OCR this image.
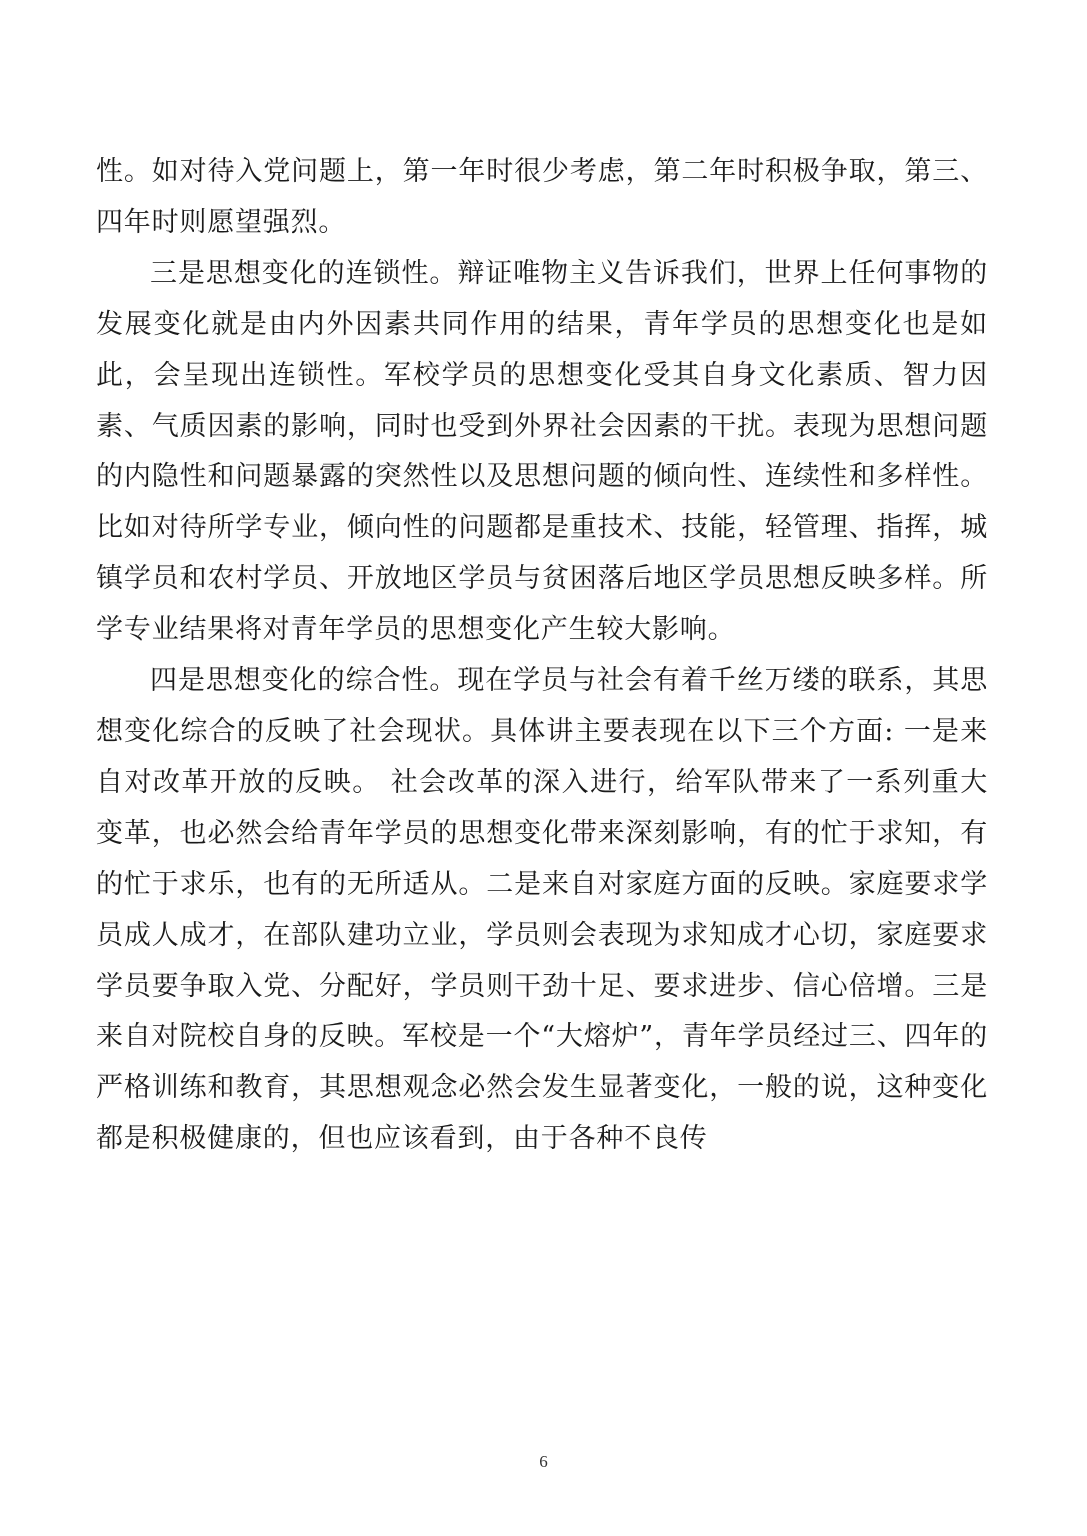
性。如对待入党问题上，第一年时很少考虑，第二年时积极争取，第三、四年时则愿望强烈。

三是思想变化的连锁性。辩证唯物主义告诉我们，世界上任何事物的发展变化就是由内外因素共同作用的结果，青年学员的思想变化也是如此，会呈现出连锁性。军校学员的思想变化受其自身文化素质、智力因素、气质因素的影响，同时也受到外界社会因素的干扰。表现为思想问题的内隐性和问题暴露的突然性以及思想问题的倾向性、连续性和多样性。比如对待所学专业，倾向性的问题都是重技术、技能，轻管理、指挥，城镇学员和农村学员、开放地区学员与贫困落后地区学员思想反映多样。所学专业结果将对青年学员的思想变化产生较大影响。

四是思想变化的综合性。现在学员与社会有着千丝万缕的联系，其思想变化综合的反映了社会现状。具体讲主要表现在以下三个方面: 一是来自对改革开放的反映。 社会改革的深入进行，给军队带来了一系列重大变革，也必然会给青年学员的思想变化带来深刻影响，有的忙于求知，有的忙于求乐，也有的无所适从。二是来自对家庭方面的反映。家庭要求学员成人成才，在部队建功立业，学员则会表现为求知成才心切，家庭要求学员要争取入党、分配好，学员则干劲十足、要求进步、信心倍增。三是来自对院校自身的反映。军校是一个“大熔炉”，青年学员经过三、四年的严格训练和教育，其思想观念必然会发生显著变化，一般的说，这种变化都是积极健康的，但也应该看到，由于各种不良传

6
